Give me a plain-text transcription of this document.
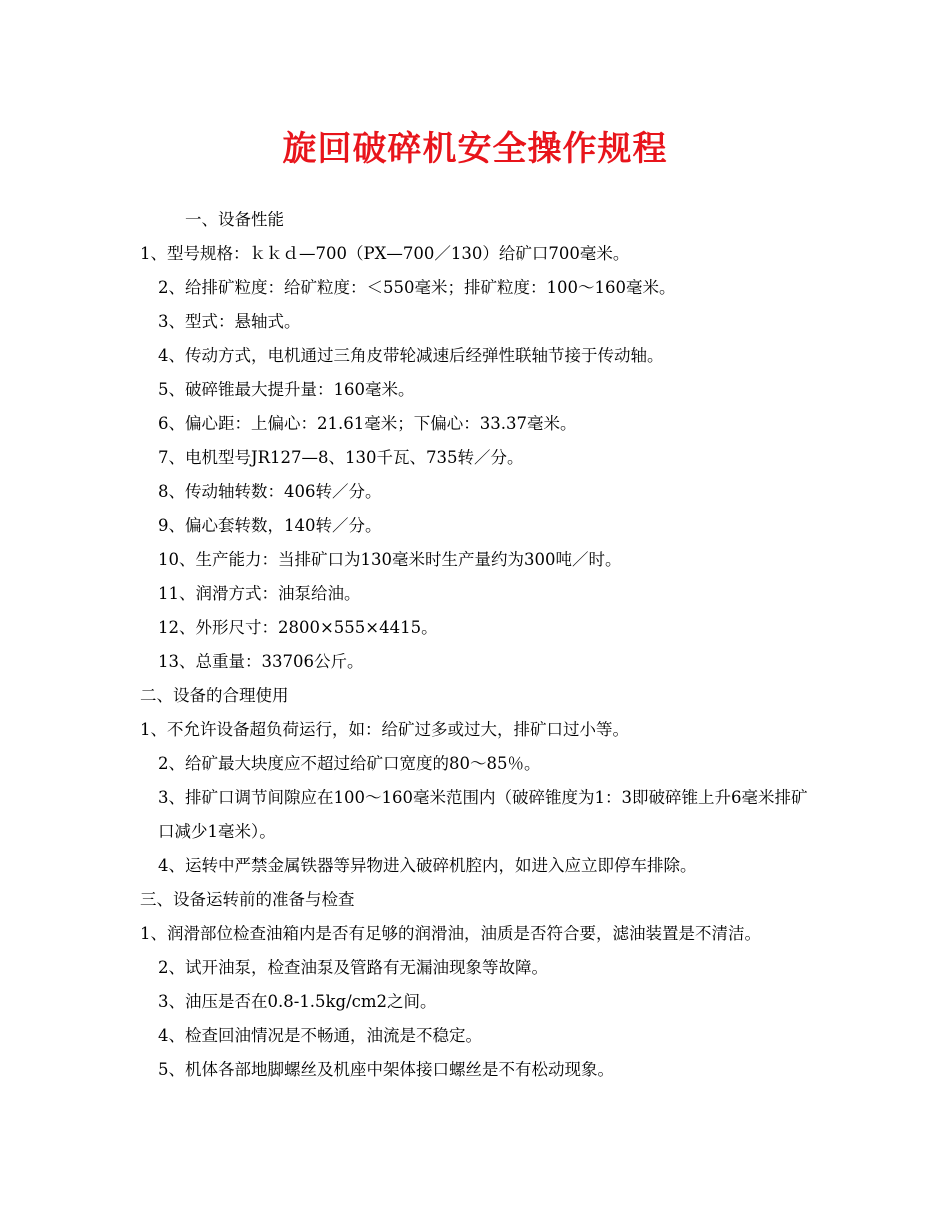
旋回破碎机安全操作规程
一、设备性能
1、型号规格：ｋｋｄ—700（PX—700／130）给矿口700毫米。
2、给排矿粒度：给矿粒度：＜550毫米；排矿粒度：100～160毫米。
3、型式：悬轴式。
4、传动方式，电机通过三角皮带轮减速后经弹性联轴节接于传动轴。
5、破碎锥最大提升量：160毫米。
6、偏心距：上偏心：21.61毫米；下偏心：33.37毫米。
7、电机型号JR127—8、130千瓦、735转／分。
8、传动轴转数：406转／分。
9、偏心套转数，140转／分。
10、生产能力：当排矿口为130毫米时生产量约为300吨／时。
11、润滑方式：油泵给油。
12、外形尺寸：2800×555×4415。
13、总重量：33706公斤。
二、设备的合理使用
1、不允许设备超负荷运行，如：给矿过多或过大，排矿口过小等。
2、给矿最大块度应不超过给矿口宽度的80～85％。
3、排矿口调节间隙应在100～160毫米范围内（破碎锥度为1：3即破碎锥上升6毫米排矿口减少1毫米）。
4、运转中严禁金属铁器等异物进入破碎机腔内，如进入应立即停车排除。
三、设备运转前的准备与检查
1、润滑部位检查油箱内是否有足够的润滑油，油质是否符合要，滤油装置是不清洁。
2、试开油泵，检查油泵及管路有无漏油现象等故障。
3、油压是否在0.8-1.5kg/cm2之间。
4、检查回油情况是不畅通，油流是不稳定。
5、机体各部地脚螺丝及机座中架体接口螺丝是不有松动现象。
